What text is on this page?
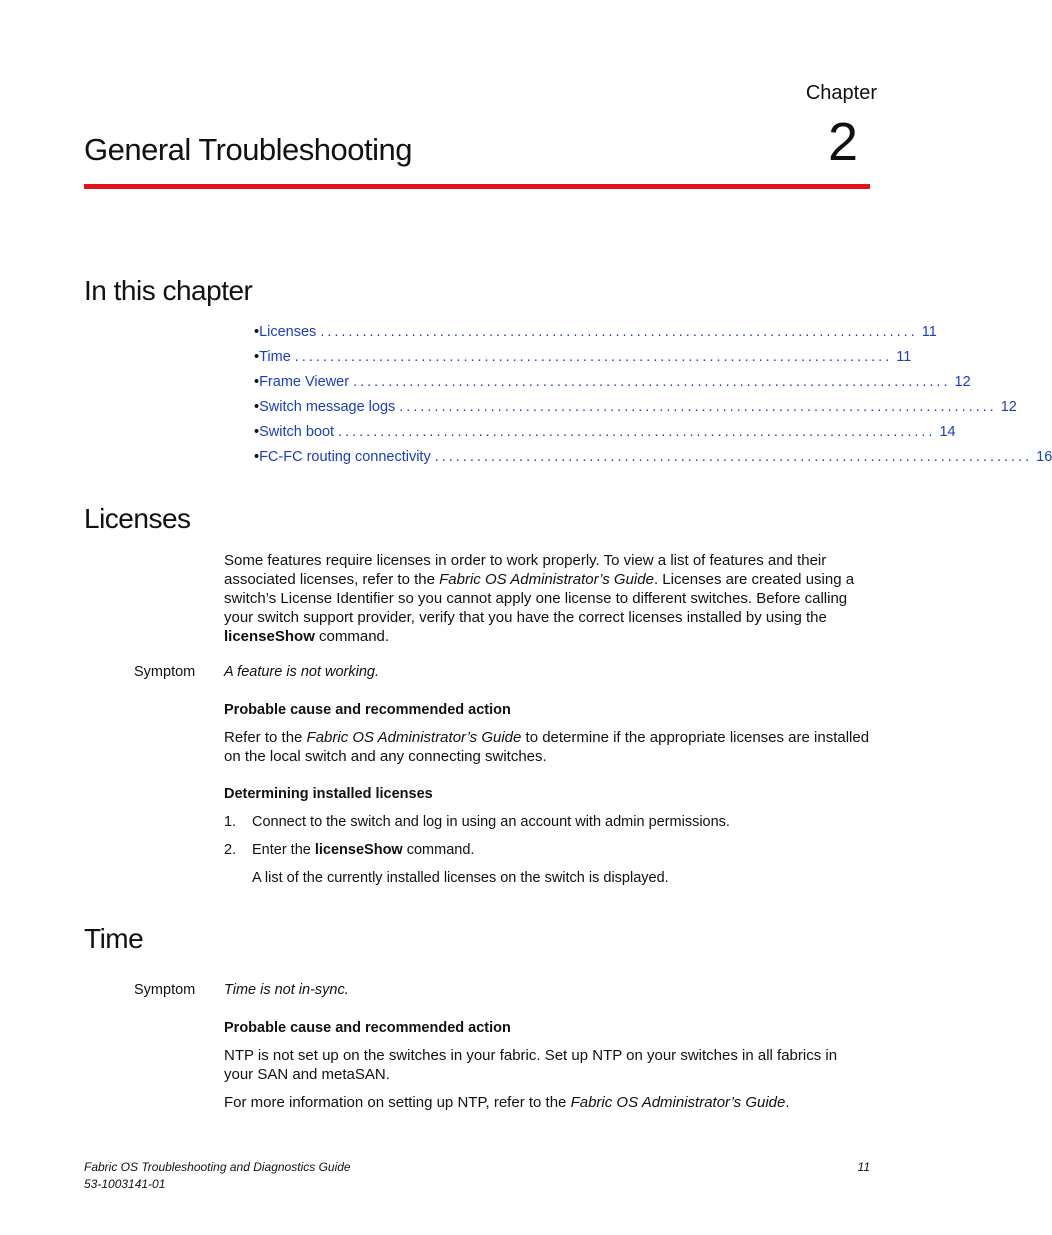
Chapter
2
General Troubleshooting
In this chapter
• Licenses ..................................................................................... 11
• Time ..................................................................................... 11
• Frame Viewer ..................................................................................... 12
• Switch message logs ..................................................................................... 12
• Switch boot ..................................................................................... 14
• FC-FC routing connectivity ..................................................................................... 16
Licenses

Some features require licenses in order to work properly. To view a list of features and their associated licenses, refer to the Fabric OS Administrator’s Guide. Licenses are created using a switch’s License Identifier so you cannot apply one license to different switches. Before calling your switch support provider, verify that you have the correct licenses installed by using the licenseShow command.

Symptom A feature is not working.
Probable cause and recommended action

Refer to the Fabric OS Administrator’s Guide to determine if the appropriate licenses are installed on the local switch and any connecting switches.

Determining installed licenses
1. Connect to the switch and log in using an account with admin permissions.
2. Enter the licenseShow command.
A list of the currently installed licenses on the switch is displayed.
Time
Symptom Time is not in-sync.
Probable cause and recommended action

NTP is not set up on the switches in your fabric. Set up NTP on your switches in all fabrics in your SAN and metaSAN.

For more information on setting up NTP, refer to the Fabric OS Administrator’s Guide.

Fabric OS Troubleshooting and Diagnostics Guide
53-1003141-01
11
